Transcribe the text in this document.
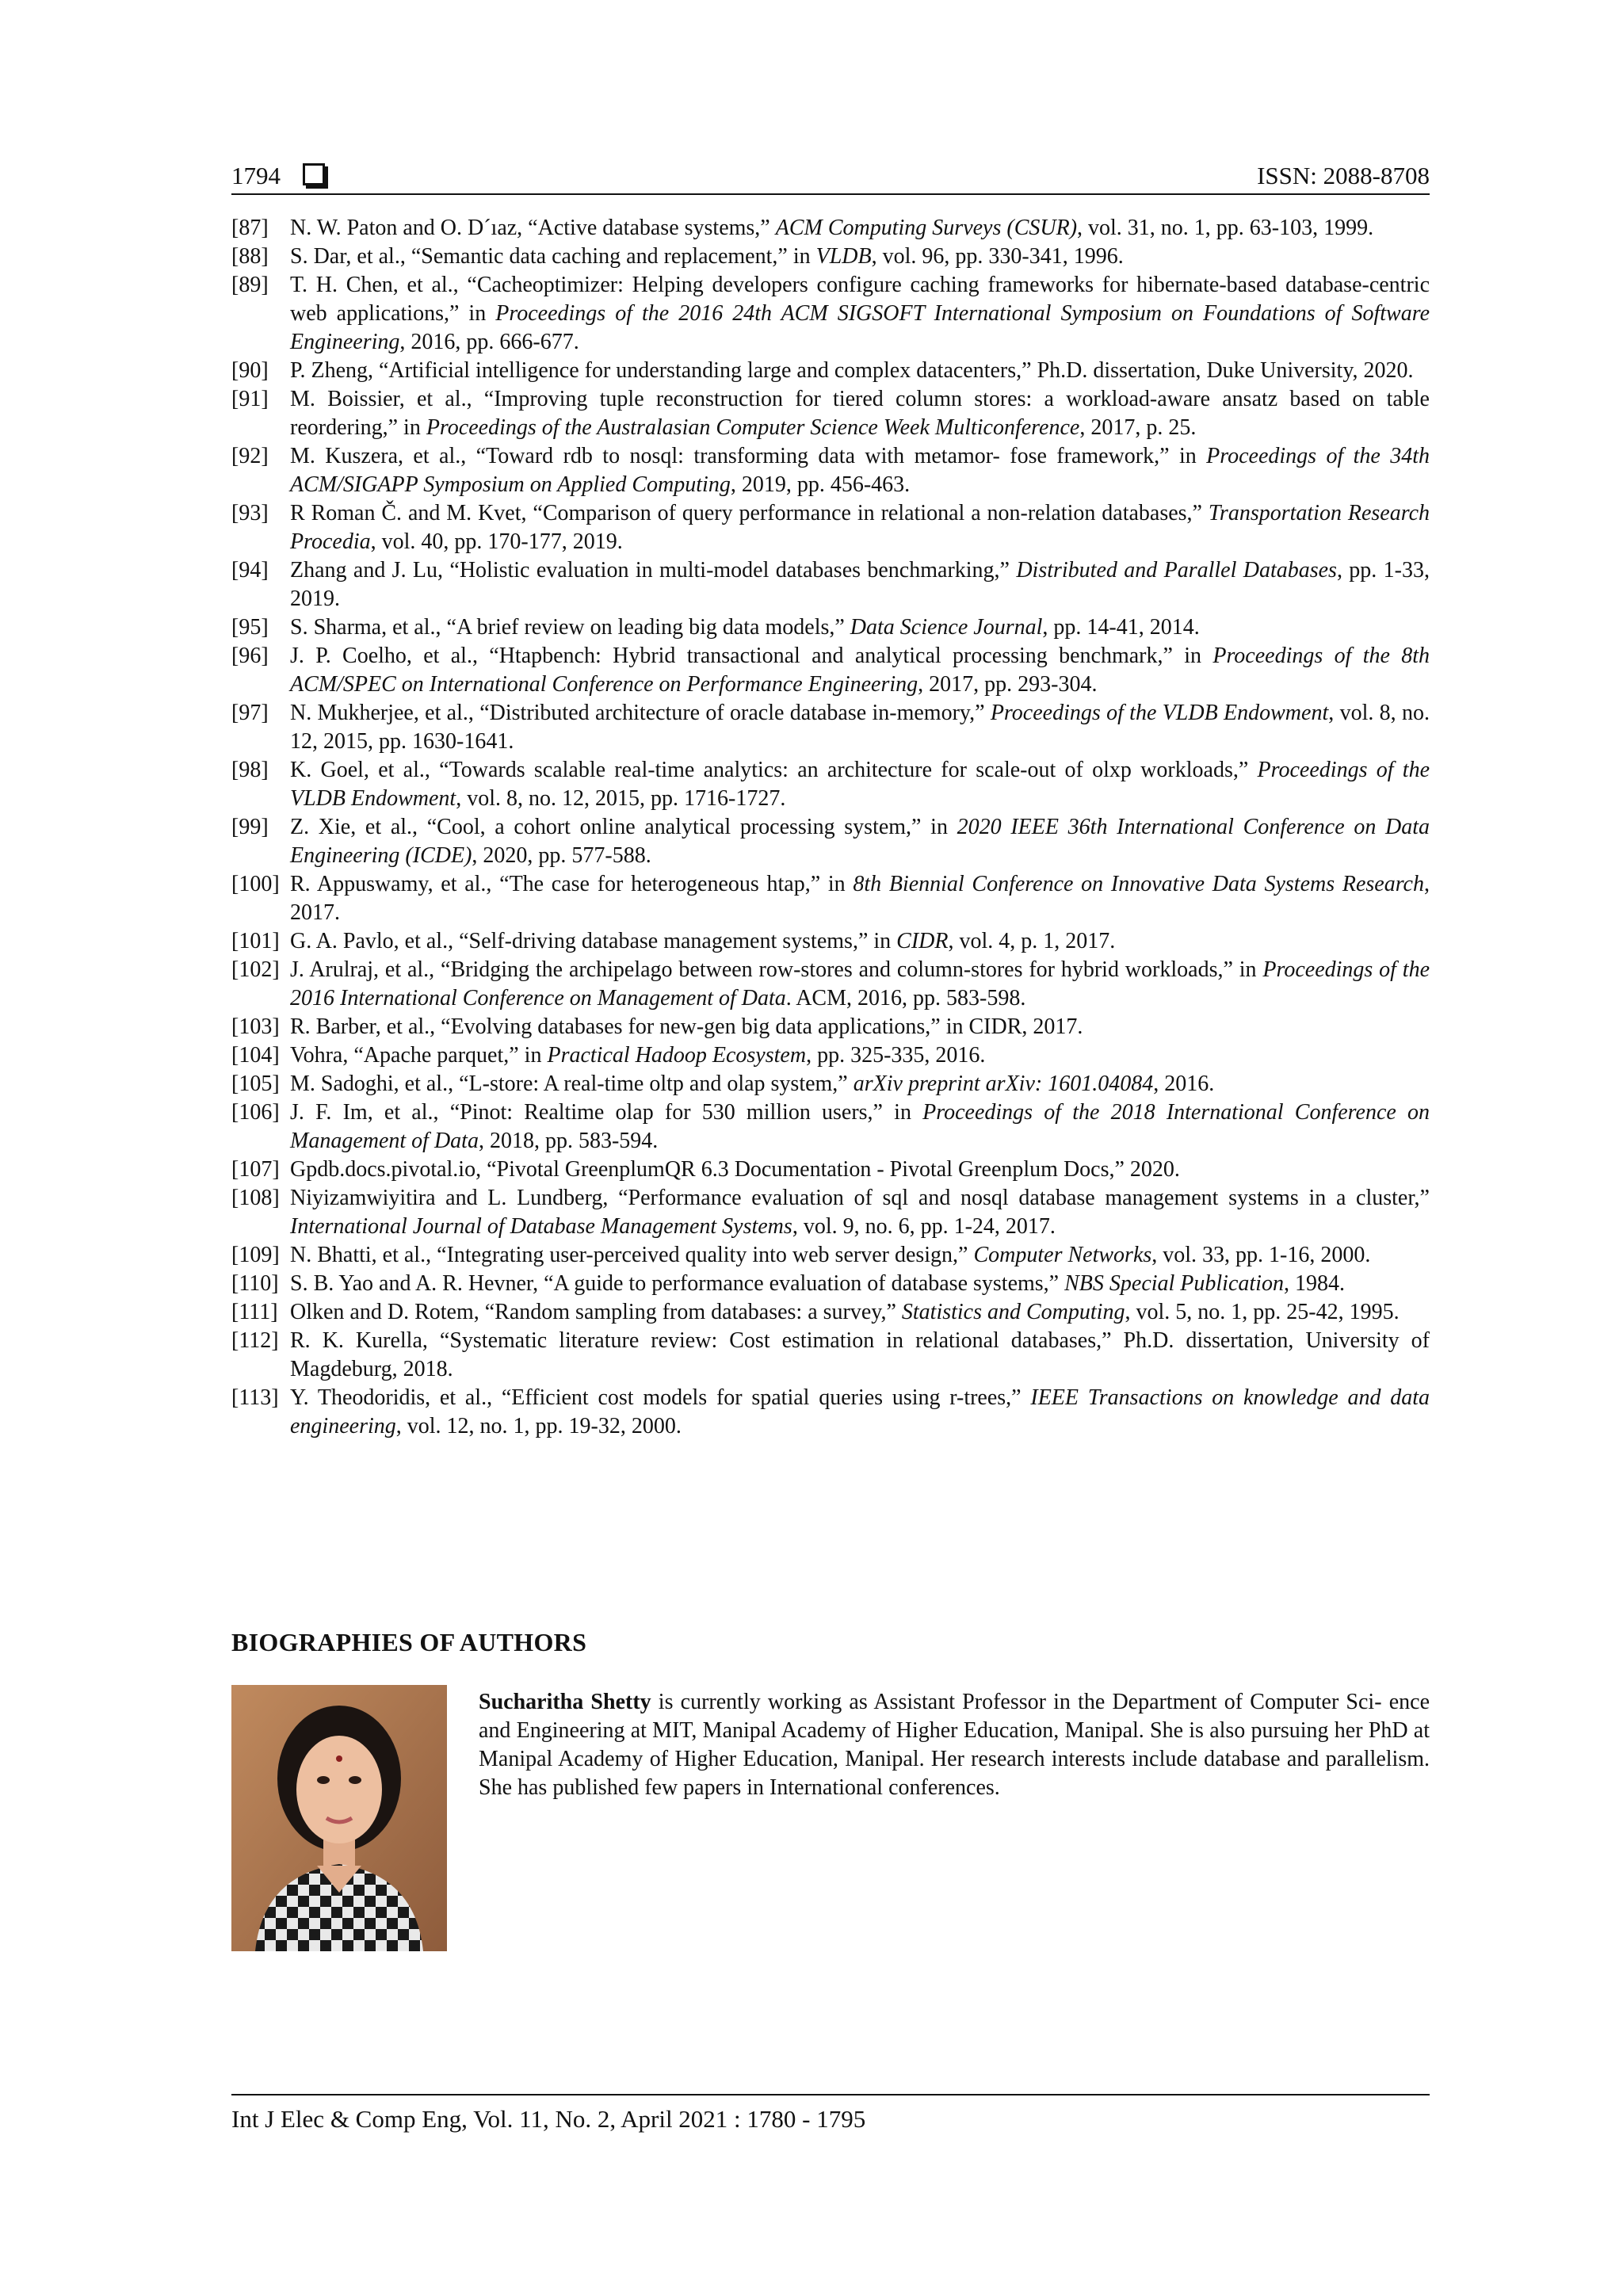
1794	ISSN: 2088-8708
[87] N. W. Paton and O. D´ıaz, “Active database systems,” ACM Computing Surveys (CSUR), vol. 31, no. 1, pp. 63-103, 1999.
[88] S. Dar, et al., “Semantic data caching and replacement,” in VLDB, vol. 96, pp. 330-341, 1996.
[89] T. H. Chen, et al., “Cacheoptimizer: Helping developers configure caching frameworks for hibernate-based database-centric web applications,” in Proceedings of the 2016 24th ACM SIGSOFT International Symposium on Foundations of Software Engineering, 2016, pp. 666-677.
[90] P. Zheng, “Artificial intelligence for understanding large and complex datacenters,” Ph.D. dissertation, Duke University, 2020.
[91] M. Boissier, et al., “Improving tuple reconstruction for tiered column stores: a workload-aware ansatz based on table reordering,” in Proceedings of the Australasian Computer Science Week Multiconference, 2017, p. 25.
[92] M. Kuszera, et al., “Toward rdb to nosql: transforming data with metamor- fose framework,” in Proceedings of the 34th ACM/SIGAPP Symposium on Applied Computing, 2019, pp. 456-463.
[93] R Roman Č. and M. Kvet, “Comparison of query performance in relational a non-relation databases,” Transportation Research Procedia, vol. 40, pp. 170-177, 2019.
[94] Zhang and J. Lu, “Holistic evaluation in multi-model databases benchmarking,” Distributed and Parallel Databases, pp. 1-33, 2019.
[95] S. Sharma, et al., “A brief review on leading big data models,” Data Science Journal, pp. 14-41, 2014.
[96] J. P. Coelho, et al., “Htapbench: Hybrid transactional and analytical processing benchmark,” in Proceedings of the 8th ACM/SPEC on International Conference on Performance Engineering, 2017, pp. 293-304.
[97] N. Mukherjee, et al., “Distributed architecture of oracle database in-memory,” Proceedings of the VLDB Endowment, vol. 8, no. 12, 2015, pp. 1630-1641.
[98] K. Goel, et al., “Towards scalable real-time analytics: an architecture for scale-out of olxp workloads,” Proceedings of the VLDB Endowment, vol. 8, no. 12, 2015, pp. 1716-1727.
[99] Z. Xie, et al., “Cool, a cohort online analytical processing system,” in 2020 IEEE 36th International Conference on Data Engineering (ICDE), 2020, pp. 577-588.
[100] R. Appuswamy, et al., “The case for heterogeneous htap,” in 8th Biennial Conference on Innovative Data Systems Research, 2017.
[101] G. A. Pavlo, et al., “Self-driving database management systems,” in CIDR, vol. 4, p. 1, 2017.
[102] J. Arulraj, et al., “Bridging the archipelago between row-stores and column-stores for hybrid workloads,” in Proceedings of the 2016 International Conference on Management of Data. ACM, 2016, pp. 583-598.
[103] R. Barber, et al., “Evolving databases for new-gen big data applications,” in CIDR, 2017.
[104] Vohra, “Apache parquet,” in Practical Hadoop Ecosystem, pp. 325-335, 2016.
[105] M. Sadoghi, et al., “L-store: A real-time oltp and olap system,” arXiv preprint arXiv: 1601.04084, 2016.
[106] J. F. Im, et al., “Pinot: Realtime olap for 530 million users,” in Proceedings of the 2018 International Conference on Management of Data, 2018, pp. 583-594.
[107] Gpdb.docs.pivotal.io, “Pivotal GreenplumQR 6.3 Documentation - Pivotal Greenplum Docs,” 2020.
[108] Niyizamwiyitira and L. Lundberg, “Performance evaluation of sql and nosql database management systems in a cluster,” International Journal of Database Management Systems, vol. 9, no. 6, pp. 1-24, 2017.
[109] N. Bhatti, et al., “Integrating user-perceived quality into web server design,” Computer Networks, vol. 33, pp. 1-16, 2000.
[110] S. B. Yao and A. R. Hevner, “A guide to performance evaluation of database systems,” NBS Special Publication, 1984.
[111] Olken and D. Rotem, “Random sampling from databases: a survey,” Statistics and Computing, vol. 5, no. 1, pp. 25-42, 1995.
[112] R. K. Kurella, “Systematic literature review: Cost estimation in relational databases,” Ph.D. dissertation, University of Magdeburg, 2018.
[113] Y. Theodoridis, et al., “Efficient cost models for spatial queries using r-trees,” IEEE Transactions on knowledge and data engineering, vol. 12, no. 1, pp. 19-32, 2000.
BIOGRAPHIES OF AUTHORS
Sucharitha Shetty is currently working as Assistant Professor in the Department of Computer Sci- ence and Engineering at MIT, Manipal Academy of Higher Education, Manipal. She is also pursuing her PhD at Manipal Academy of Higher Education, Manipal. Her research interests include database and parallelism. She has published few papers in International conferences.
Int J Elec & Comp Eng, Vol. 11, No. 2, April 2021 : 1780 - 1795
